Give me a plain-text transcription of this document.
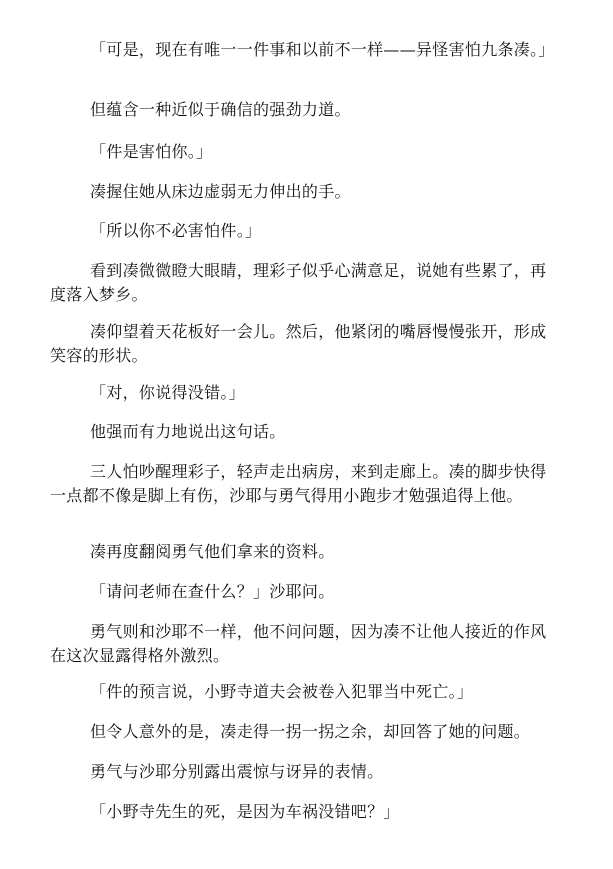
「可是，现在有唯一一件事和以前不一样——异怪害怕九条凑。」

但蕴含一种近似于确信的强劲力道。

「件是害怕你。」

凑握住她从床边虚弱无力伸出的手。

「所以你不必害怕件。」

看到凑微微瞪大眼睛，理彩子似乎心满意足，说她有些累了，再度落入梦乡。

凑仰望着天花板好一会儿。然后，他紧闭的嘴唇慢慢张开，形成笑容的形状。

「对，你说得没错。」

他强而有力地说出这句话。

三人怕吵醒理彩子，轻声走出病房，来到走廊上。凑的脚步快得一点都不像是脚上有伤，沙耶与勇气得用小跑步才勉强追得上他。

凑再度翻阅勇气他们拿来的资料。

「请问老师在查什么？」沙耶问。

勇气则和沙耶不一样，他不问问题，因为凑不让他人接近的作风在这次显露得格外激烈。

「件的预言说，小野寺道夫会被卷入犯罪当中死亡。」

但令人意外的是，凑走得一拐一拐之余，却回答了她的问题。

勇气与沙耶分别露出震惊与讶异的表情。

「小野寺先生的死，是因为车祸没错吧？」
